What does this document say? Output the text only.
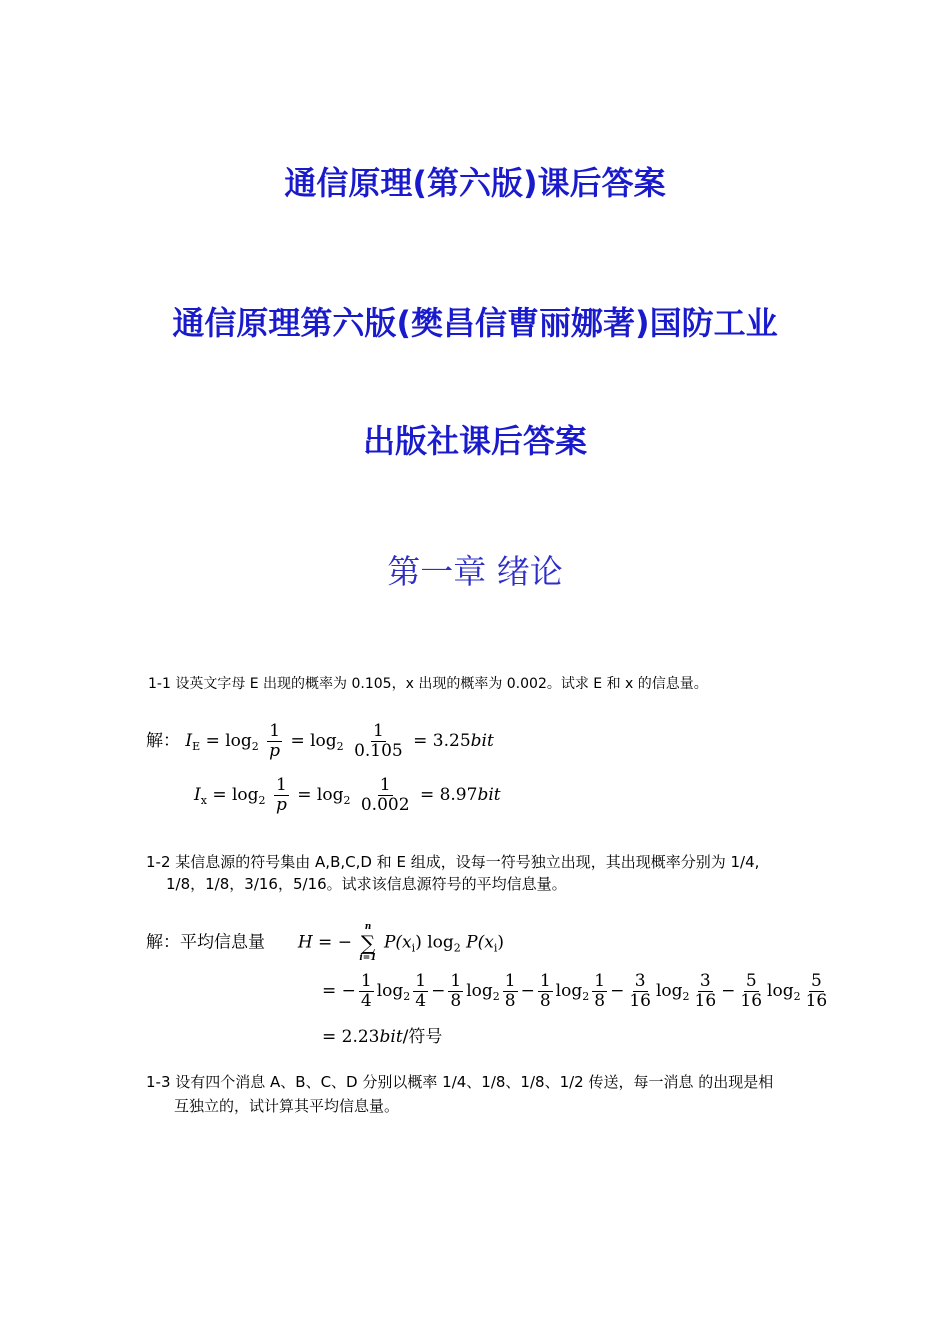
通信原理(第六版)课后答案
通信原理第六版(樊昌信曹丽娜著)国防工业
出版社课后答案
第一章 绪论
1-1 设英文字母 E 出现的概率为 0.105，x 出现的概率为 0.002。试求 E 和 x 的信息量。
解： $I_E = \log_2 \frac{1}{p} = \log_2 \frac{1}{0.105} = 3.25bit$
$I_x = \log_2 \frac{1}{p} = \log_2 \frac{1}{0.002} = 8.97bit$
1-2 某信息源的符号集由 A,B,C,D 和 E 组成，设每一符号独立出现，其出现概率分别为 1/4,
1/8，1/8，3/16，5/16。试求该信息源符号的平均信息量。
解：平均信息量 H = −
n
∑
i=1
$P(x_i)$ $\log_2 P(x_i)$
= − $\frac{1}{4} \log_2 \frac{1}{4} - \frac{1}{8} \log_2 \frac{1}{8} - \frac{1}{8} \log_2 \frac{1}{8} - \frac{3}{16} \log_2 \frac{3}{16} - \frac{5}{16} \log_2 \frac{5}{16}$
= 2.23bit/符号
1-3 设有四个消息 A、B、C、D 分别以概率 1/4、1/8、1/8、1/2 传送，每一消息 的出现是相
互独立的，试计算其平均信息量。
